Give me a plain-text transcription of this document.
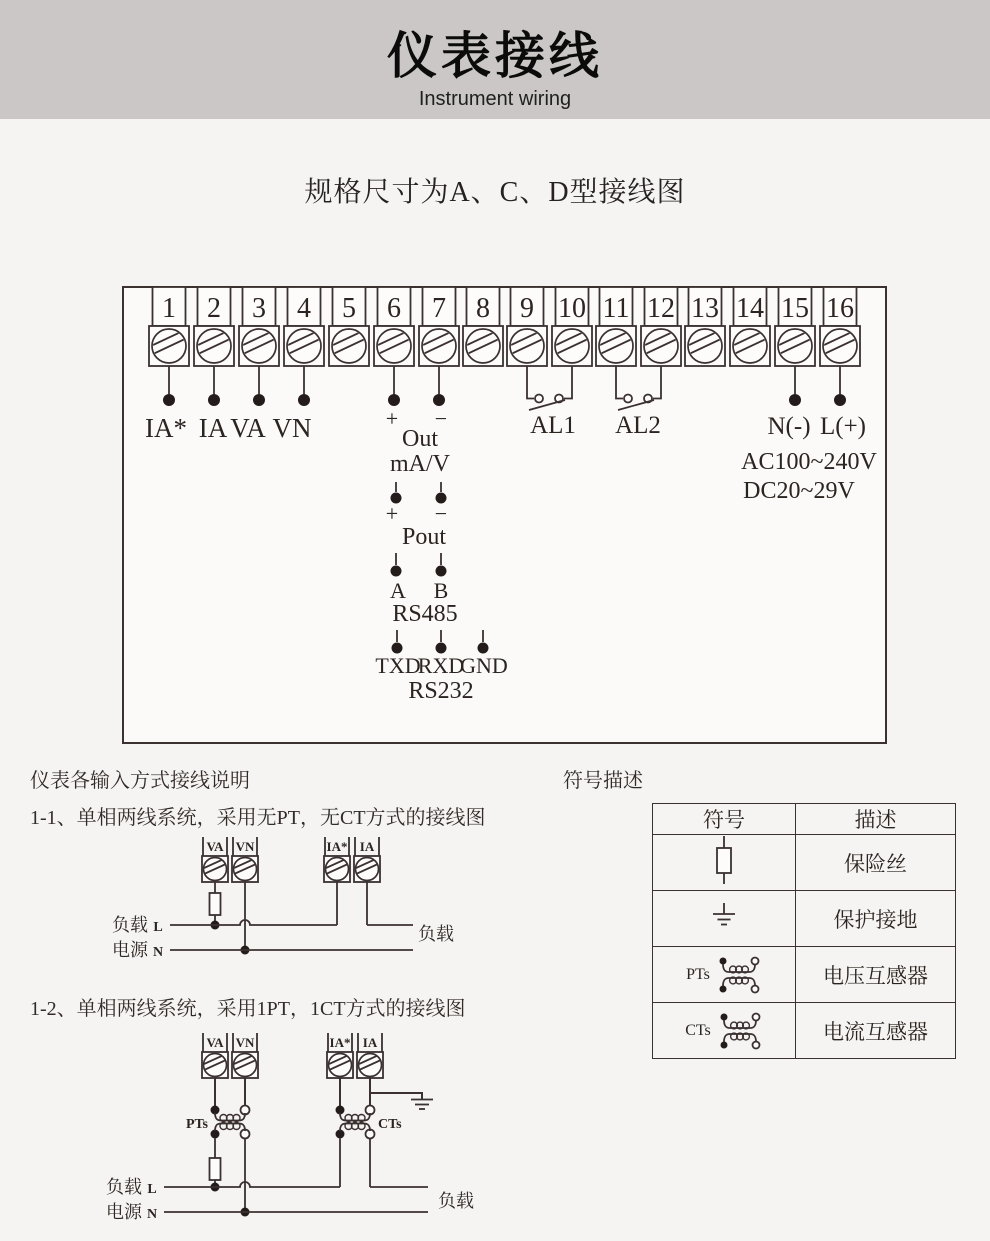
仪表接线
Instrument wiring
规格尺寸为A、C、D型接线图
1 2 3 4 5 6 7 8 9 10 11 12 13 14 15 16
IA* IA VA VN	+ −
Out
mA/V
+ −
Pout
A B
RS485
TXD
RXD
GND
RS232
AL1 AL2	N(-) L(+)
AC100~240V
DC20~29V
仪表各输入方式接线说明	符号描述
1-1、单相两线系统，采用无PT，无CT方式的接线图
1-2、单相两线系统，采用1PT，1CT方式的接线图
VA VN	IA* IA
负载 L
电源 N
负载
VA VN	IA* IA
PTs	CTs
负载 L
电源 N
负载
符号	描述
	保险丝
	保护接地

PTs	电压互感器

CTs	电流互感器
